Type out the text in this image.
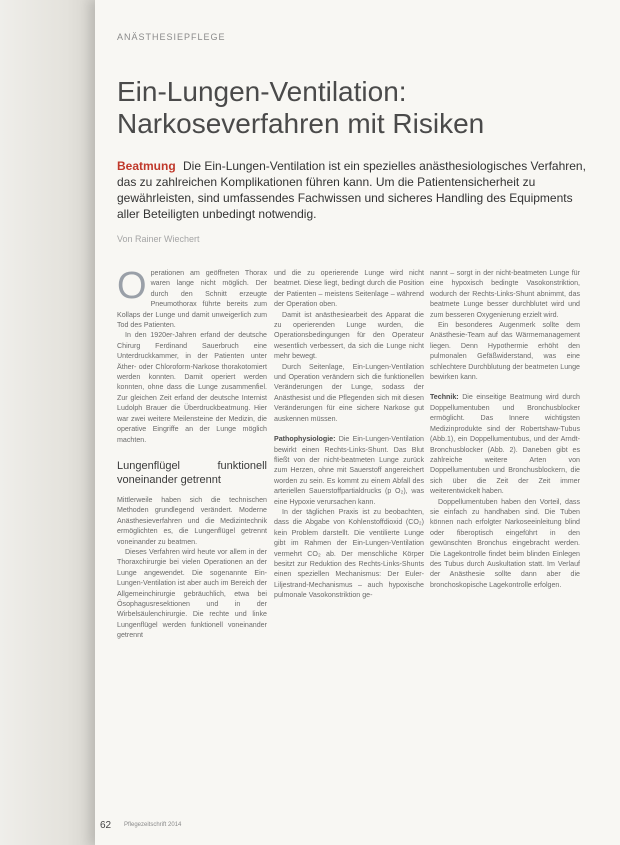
ANÄSTHESIEPFLEGE
Ein-Lungen-Ventilation:
Narkoseverfahren mit Risiken

Beatmung Die Ein-Lungen-Ventilation ist ein spezielles anästhesiologisches Verfahren, das zu zahlreichen Komplikationen führen kann. Um die Patientensicherheit zu gewährleisten, sind umfassendes Fachwissen und sicheres Handling des Equipments aller Beteiligten unbedingt notwendig.

Von Rainer Wiechert

Operationen am geöffneten Thorax waren lange nicht möglich. Der durch den Schnitt erzeugte Pneumothorax führte bereits zum Kollaps der Lunge und damit unweigerlich zum Tod des Patienten.

In den 1920er-Jahren erfand der deutsche Chirurg Ferdinand Sauerbruch eine Unterdruckkammer, in der Patienten unter Äther- oder Chloroform-Narkose thorakotomiert werden konnten. Damit operiert werden konnten, ohne dass die Lunge zusammenfiel. Zur gleichen Zeit erfand der deutsche Internist Ludolph Brauer die Überdruckbeatmung. Hier war zwei weitere Meilensteine der Medizin, die operative Eingriffe an der Lunge möglich machten.

Lungenflügel funktionell voneinander getrennt

Mittlerweile haben sich die technischen Methoden grundlegend verändert. Moderne Anästhesieverfahren und die Medizintechnik ermöglichten es, die Lungenflügel getrennt voneinander zu beatmen.

Dieses Verfahren wird heute vor allem in der Thoraxchirurgie bei vielen Operationen an der Lunge angewendet. Die sogenannte Ein-Lungen-Ventilation ist aber auch im Bereich der Allgemeinchirurgie gebräuchlich, etwa bei Ösophagusresektionen und in der Wirbelsäulenchirurgie. Die rechte und linke Lungenflügel werden funktionell voneinander getrennt

und die zu operierende Lunge wird nicht beatmet. Diese liegt, bedingt durch die Position der Patienten – meistens Seitenlage – während der Operation oben.

Damit ist anästhesiearbeit des Apparat die zu operierenden Lunge wurden, die Operationsbedingungen für den Operateur wesentlich verbessert, da sich die Lunge nicht mehr bewegt.

Durch Seitenlage, Ein-Lungen-Ventilation und Operation verändern sich die funktionellen Veränderungen der Lunge, sodass der Anästhesist und die Pflegenden sich mit diesen Veränderungen für eine sichere Narkose gut auskennen müssen.

Pathophysiologie: Die Ein-Lungen-Ventilation bewirkt einen Rechts-Links-Shunt. Das Blut fließt von der nicht-beatmeten Lunge zurück zum Herzen, ohne mit Sauerstoff angereichert worden zu sein. Es kommt zu einem Abfall des arteriellen Sauerstoffpartialdrucks (p O₂), was eine Hypoxie verursachen kann.

In der täglichen Praxis ist zu beobachten, dass die Abgabe von Kohlenstoffdioxid (CO₂) kein Problem darstellt. Die ventilierte Lunge gibt im Rahmen der Ein-Lungen-Ventilation vermehrt CO₂ ab. Der menschliche Körper besitzt zur Reduktion des Rechts-Links-Shunts einen speziellen Mechanismus: Der Euler-Liljestrand-Mechanismus – auch hypoxische pulmonale Vasokonstriktion ge-

nannt – sorgt in der nicht-beatmeten Lunge für eine hypoxisch bedingte Vasokonstriktion, wodurch der Rechts-Links-Shunt abnimmt, das beatmete Lunge besser durchblutet wird und zum besseren Oxygenierung erzielt wird.

Ein besonderes Augenmerk sollte dem Anästhesie-Team auf das Wärmemanagement liegen. Denn Hypothermie erhöht den pulmonalen Gefäßwiderstand, was eine schlechtere Durchblutung der beatmeten Lunge bewirken kann.

Technik: Die einseitige Beatmung wird durch Doppellumentuben und Bronchusblocker ermöglicht. Das Innere wichtigsten Medizinprodukte sind der Robertshaw-Tubus (Abb.1), ein Doppellumentubus, und der Arndt-Bronchusblocker (Abb. 2). Daneben gibt es zahlreiche weitere Arten von Doppellumentuben und Bronchusblockern, die sich über die Zeit der Zeit immer weiterentwickelt haben.

Doppellumentuben haben den Vorteil, dass sie einfach zu handhaben sind. Die Tuben können nach erfolgter Narkoseeinleitung blind oder fiberoptisch eingeführt in den gewünschten Bronchus eingebracht werden. Die Lagekontrolle findet beim blinden Einlegen des Tubus durch Auskultation statt. Im Verlauf der Anästhesie sollte dann aber die bronchoskopische Lagekontrolle erfolgen.

62 Pflegezeitschrift 2014
